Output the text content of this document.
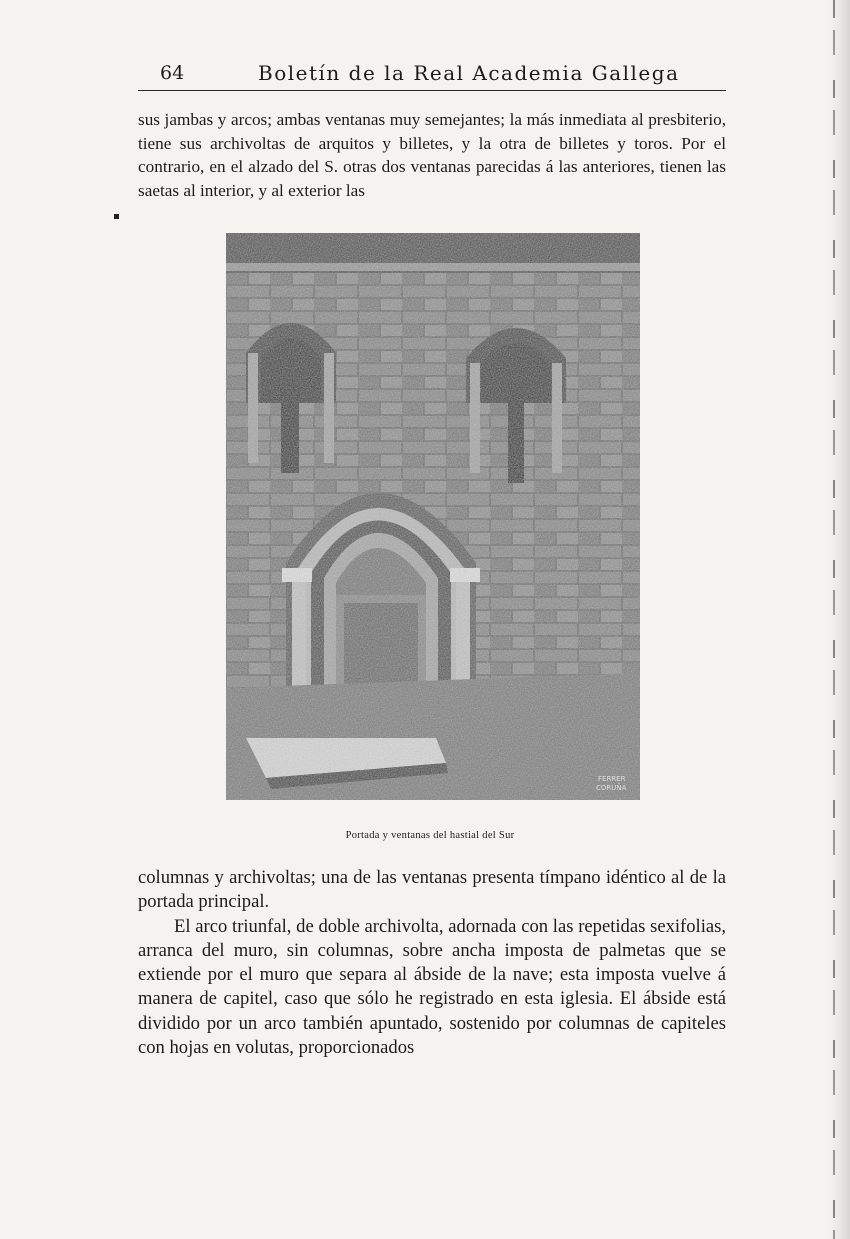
64	Boletín de la Real Academia Gallega

sus jambas y arcos; ambas ventanas muy semejantes; la más inmediata al presbiterio, tiene sus archivoltas de arquitos y billetes, y la otra de billetes y toros. Por el contrario, en el alzado del S. otras dos ventanas parecidas á las anteriores, tienen las saetas al interior, y al exterior las

FERRER
CORUÑA
Portada y ventanas del hastial del Sur

columnas y archivoltas; una de las ventanas presenta tímpano idéntico al de la portada principal.

El arco triunfal, de doble archivolta, adornada con las repetidas sexifolias, arranca del muro, sin columnas, sobre ancha imposta de palmetas que se extiende por el muro que separa al ábside de la nave; esta imposta vuelve á manera de capitel, caso que sólo he registrado en esta iglesia. El ábside está dividido por un arco también apuntado, sostenido por columnas de capiteles con hojas en volutas, proporcionados
